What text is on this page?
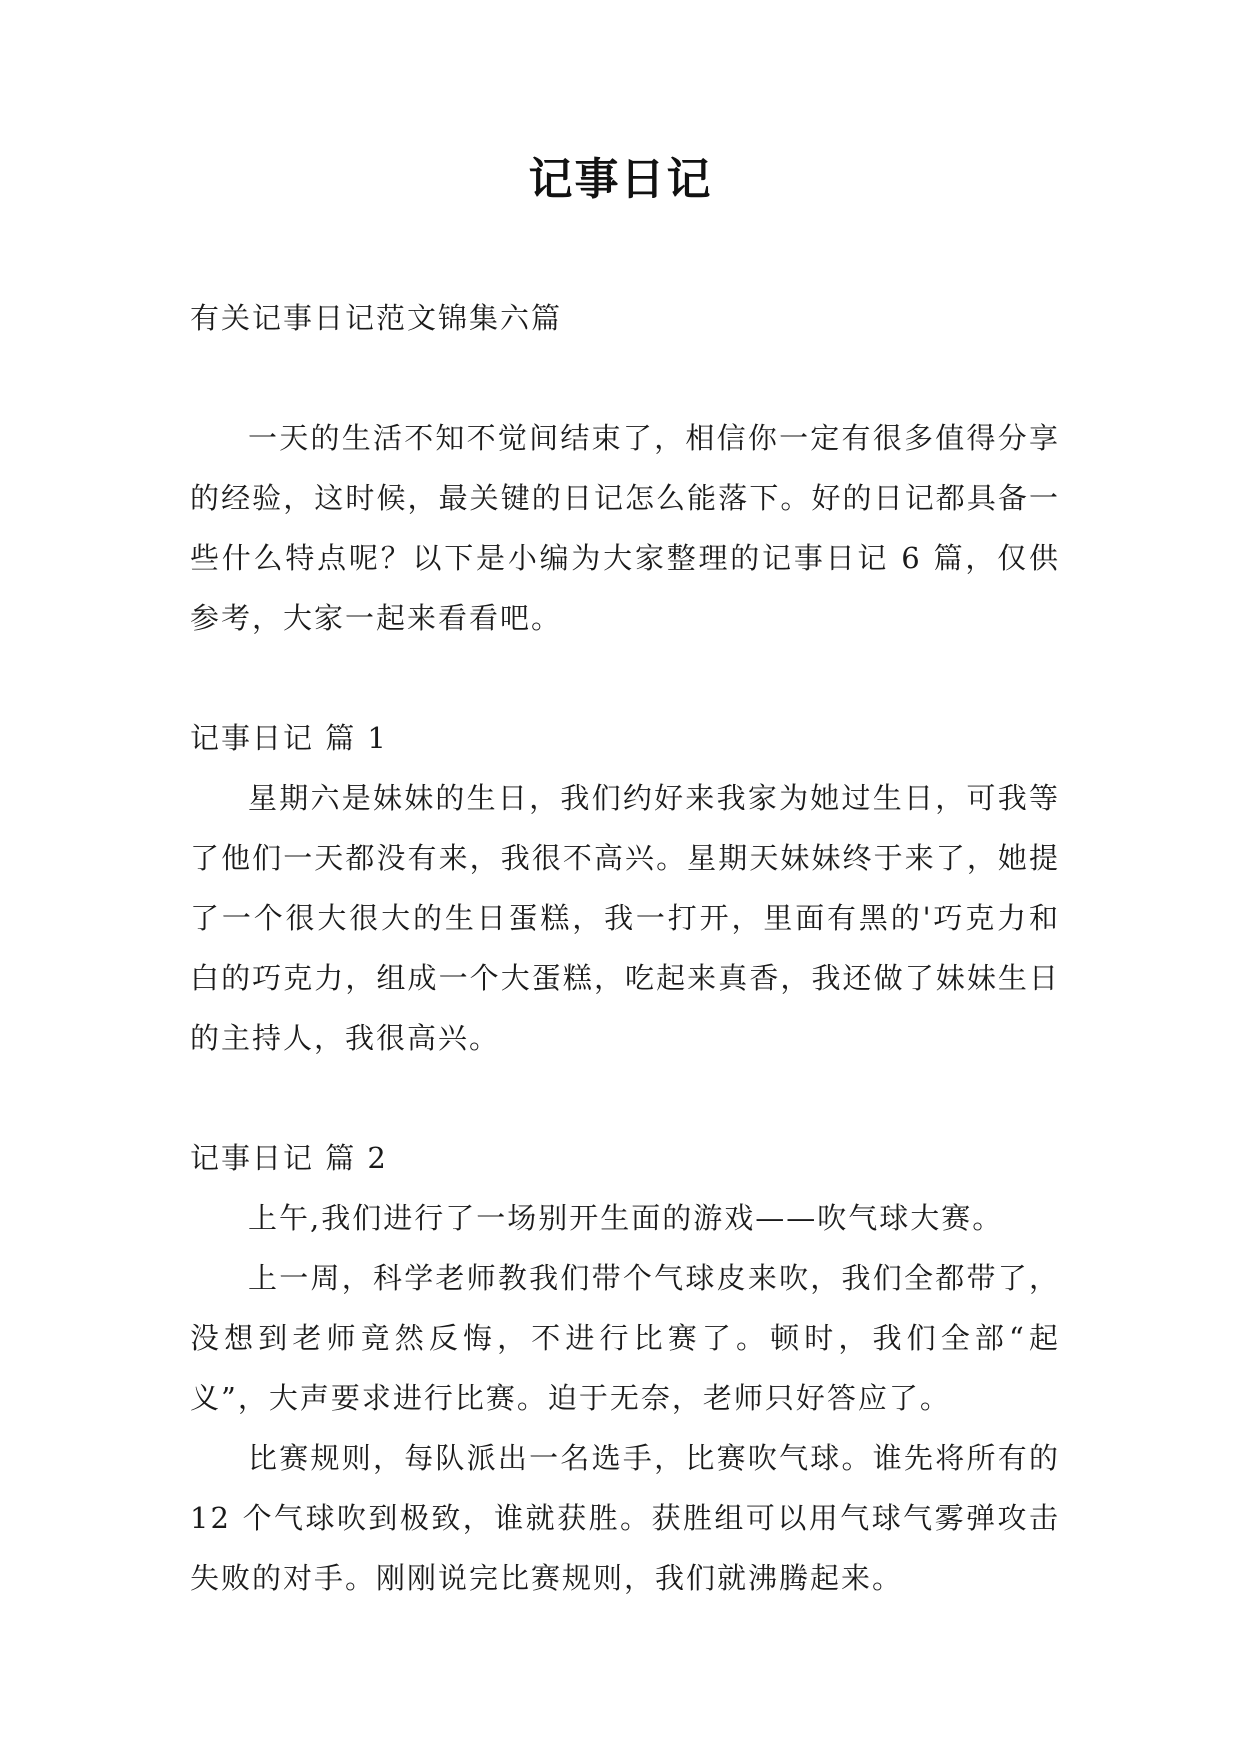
记事日记

有关记事日记范文锦集六篇

一天的生活不知不觉间结束了，相信你一定有很多值得分享的经验，这时候，最关键的日记怎么能落下。好的日记都具备一些什么特点呢？以下是小编为大家整理的记事日记 6 篇，仅供参考，大家一起来看看吧。

记事日记 篇 1

星期六是妹妹的生日，我们约好来我家为她过生日，可我等了他们一天都没有来，我很不高兴。星期天妹妹终于来了，她提了一个很大很大的生日蛋糕，我一打开，里面有黑的'巧克力和白的巧克力，组成一个大蛋糕，吃起来真香，我还做了妹妹生日的主持人，我很高兴。

记事日记 篇 2

上午,我们进行了一场别开生面的游戏——吹气球大赛。

上一周，科学老师教我们带个气球皮来吹，我们全都带了，没想到老师竟然反悔，不进行比赛了。顿时，我们全部“起义”，大声要求进行比赛。迫于无奈，老师只好答应了。

比赛规则，每队派出一名选手，比赛吹气球。谁先将所有的 12 个气球吹到极致，谁就获胜。获胜组可以用气球气雾弹攻击失败的对手。刚刚说完比赛规则，我们就沸腾起来。
